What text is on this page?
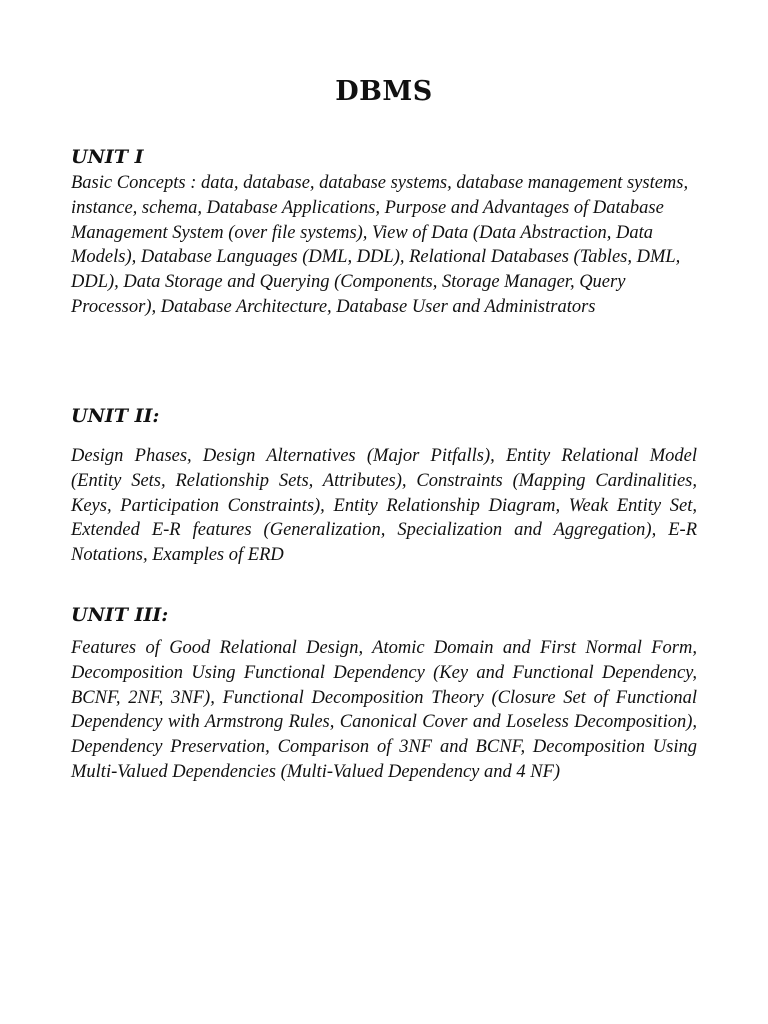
DBMS
UNIT I

Basic Concepts : data, database, database systems, database management systems, instance, schema, Database Applications, Purpose and Advantages of Database Management System (over file systems), View of Data (Data Abstraction, Data Models), Database Languages (DML, DDL), Relational Databases (Tables, DML, DDL), Data Storage and Querying (Components, Storage Manager, Query Processor), Database Architecture, Database User and Administrators

UNIT II:

Design Phases, Design Alternatives (Major Pitfalls), Entity Relational Model (Entity Sets, Relationship Sets, Attributes), Constraints (Mapping Cardinalities, Keys, Participation Constraints), Entity Relationship Diagram, Weak Entity Set, Extended E-R features (Generalization, Specialization and Aggregation), E-R Notations, Examples of ERD

UNIT III:

Features of Good Relational Design, Atomic Domain and First Normal Form, Decomposition Using Functional Dependency (Key and Functional Dependency, BCNF, 2NF, 3NF), Functional Decomposition Theory (Closure Set of Functional Dependency with Armstrong Rules, Canonical Cover and Loseless Decomposition), Dependency Preservation, Comparison of 3NF and BCNF, Decomposition Using Multi-Valued Dependencies (Multi-Valued Dependency and 4 NF)
